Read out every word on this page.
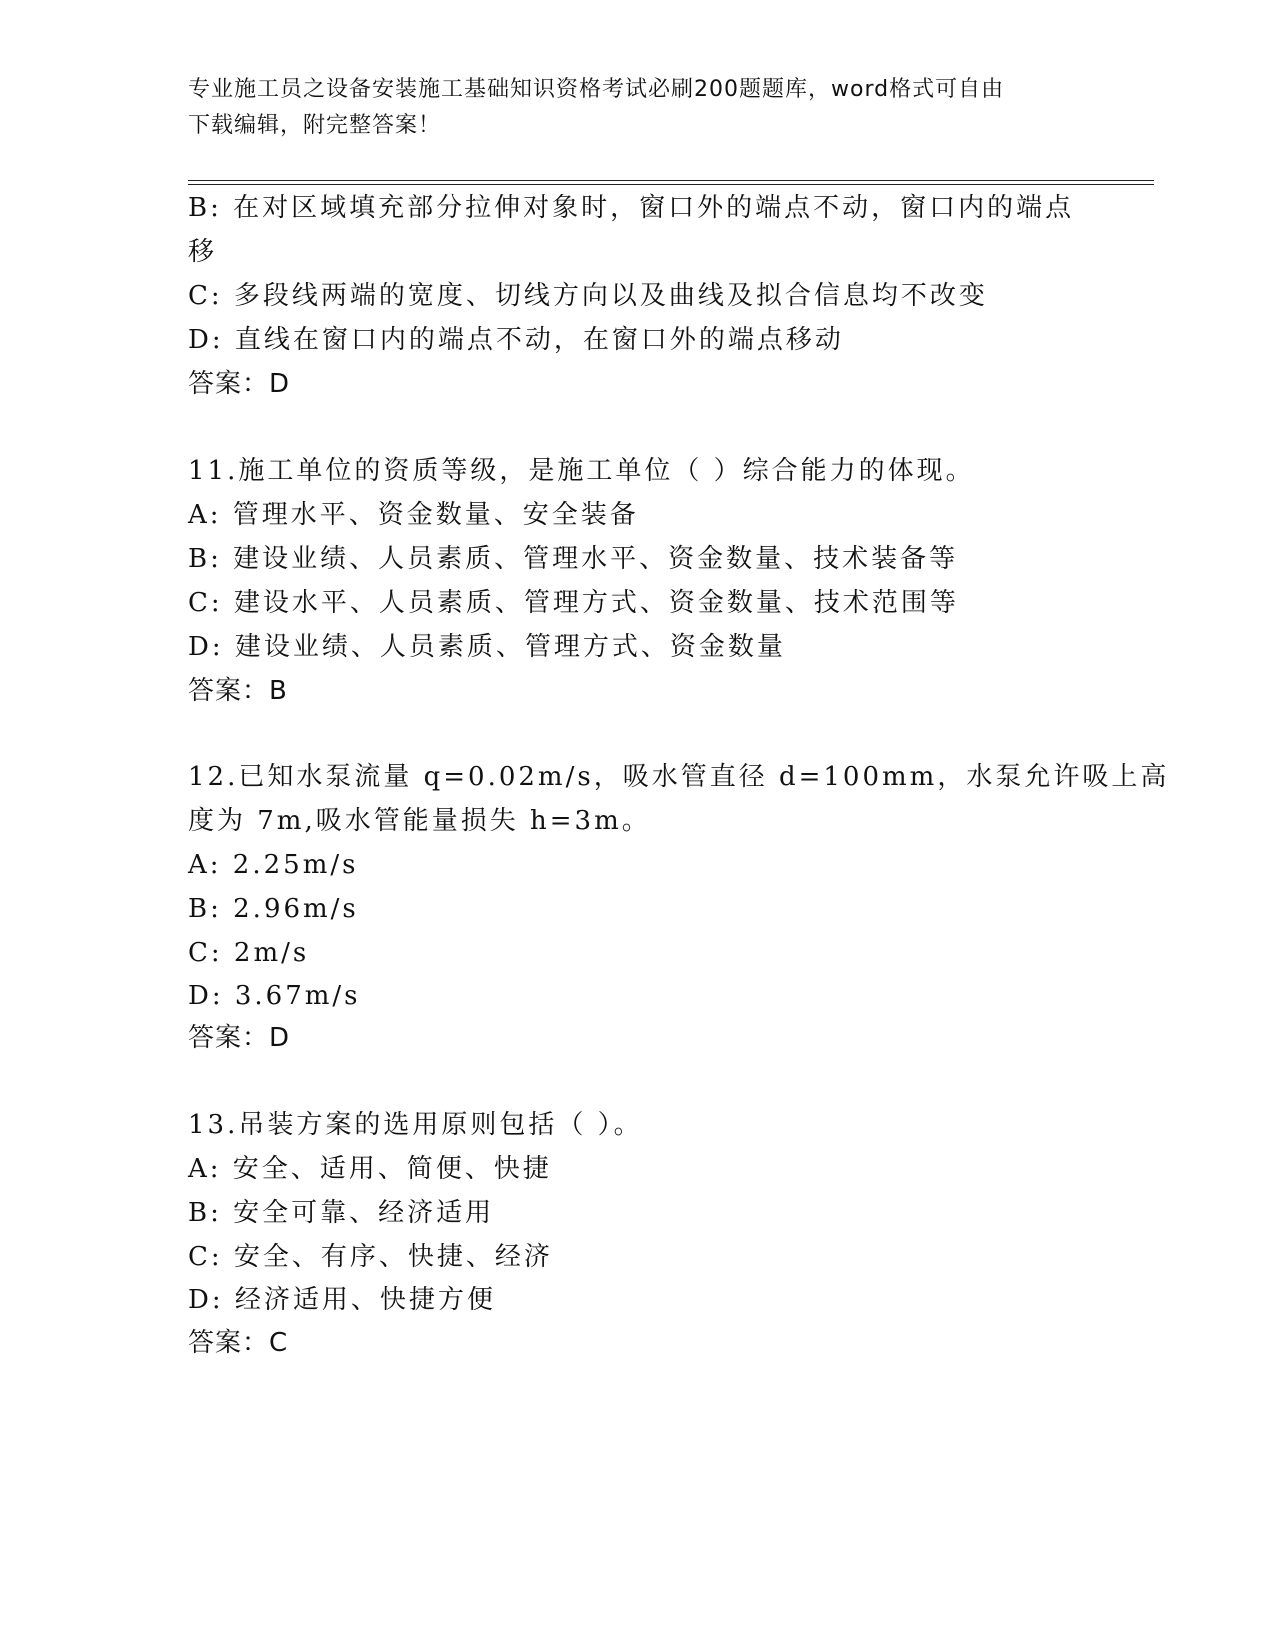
专业施工员之设备安装施工基础知识资格考试必刷200题题库，word格式可自由
下载编辑，附完整答案！
B: 在对区域填充部分拉伸对象时，窗口外的端点不动，窗口内的端点
移
C: 多段线两端的宽度、切线方向以及曲线及拟合信息均不改变
D: 直线在窗口内的端点不动，在窗口外的端点移动
答案：D
11.施工单位的资质等级，是施工单位（ ）综合能力的体现。
A: 管理水平、资金数量、安全装备
B: 建设业绩、人员素质、管理水平、资金数量、技术装备等
C: 建设水平、人员素质、管理方式、资金数量、技术范围等
D: 建设业绩、人员素质、管理方式、资金数量
答案：B
12.已知水泵流量 q=0.02m/s，吸水管直径 d=100mm，水泵允许吸上高
度为 7m,吸水管能量损失 h=3m。
A: 2.25m/s
B: 2.96m/s
C: 2m/s
D: 3.67m/s
答案：D
13.吊装方案的选用原则包括（ ）。
A: 安全、适用、简便、快捷
B: 安全可靠、经济适用
C: 安全、有序、快捷、经济
D: 经济适用、快捷方便
答案：C
